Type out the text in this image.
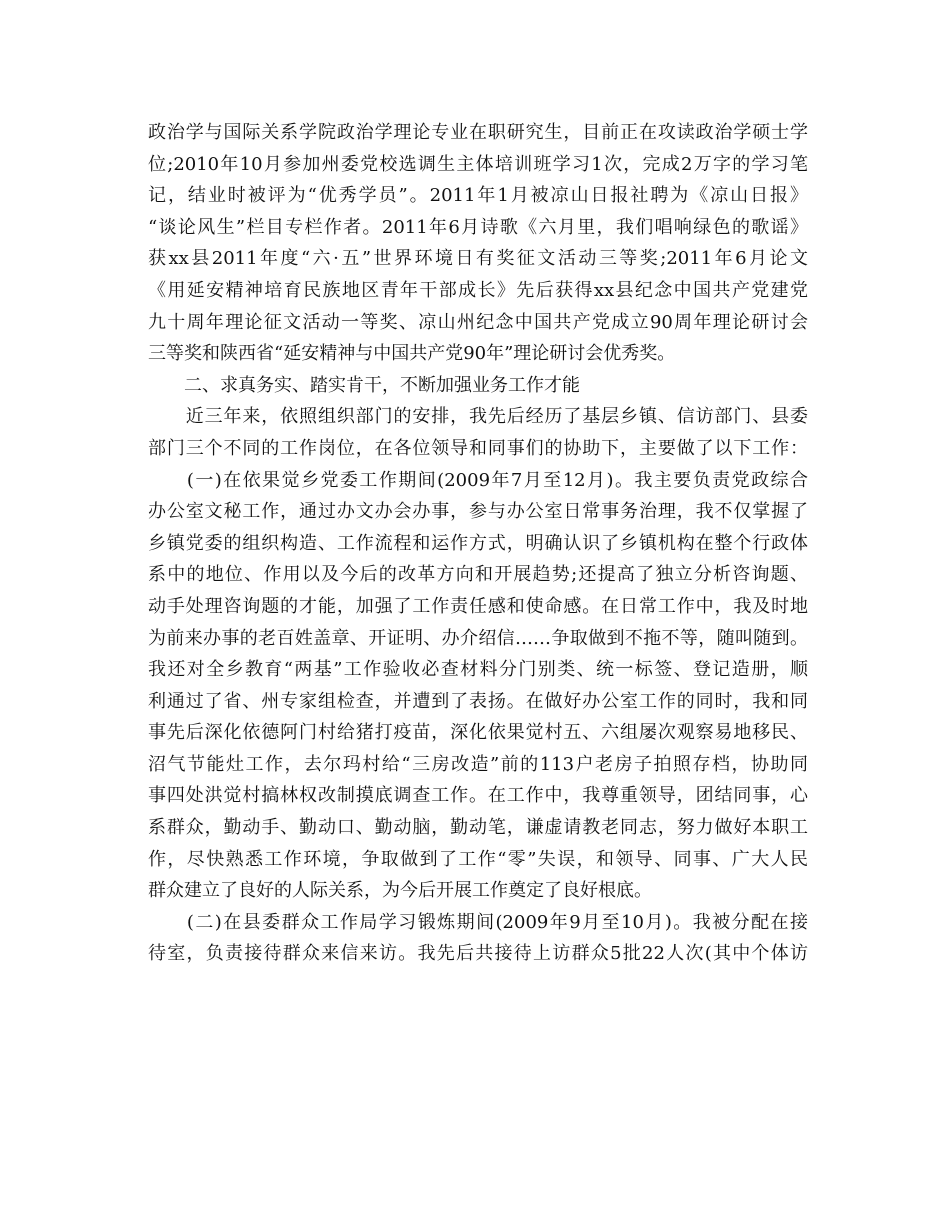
政治学与国际关系学院政治学理论专业在职研究生，目前正在攻读政治学硕士学
位;2010年10月参加州委党校选调生主体培训班学习1次，完成2万字的学习笔
记，结业时被评为“优秀学员”。2011年1月被凉山日报社聘为《凉山日报》
“谈论风生”栏目专栏作者。2011年6月诗歌《六月里，我们唱响绿色的歌谣》
获xx县2011年度“六·五”世界环境日有奖征文活动三等奖;2011年6月论文
《用延安精神培育民族地区青年干部成长》先后获得xx县纪念中国共产党建党
九十周年理论征文活动一等奖、凉山州纪念中国共产党成立90周年理论研讨会
三等奖和陕西省“延安精神与中国共产党90年”理论研讨会优秀奖。
　　二、求真务实、踏实肯干，不断加强业务工作才能
　　近三年来，依照组织部门的安排，我先后经历了基层乡镇、信访部门、县委
部门三个不同的工作岗位，在各位领导和同事们的协助下，主要做了以下工作：
　　(一)在依果觉乡党委工作期间(2009年7月至12月)。我主要负责党政综合
办公室文秘工作，通过办文办会办事，参与办公室日常事务治理，我不仅掌握了
乡镇党委的组织构造、工作流程和运作方式，明确认识了乡镇机构在整个行政体
系中的地位、作用以及今后的改革方向和开展趋势;还提高了独立分析咨询题、
动手处理咨询题的才能，加强了工作责任感和使命感。在日常工作中，我及时地
为前来办事的老百姓盖章、开证明、办介绍信……争取做到不拖不等，随叫随到。
我还对全乡教育“两基”工作验收必查材料分门别类、统一标签、登记造册，顺
利通过了省、州专家组检查，并遭到了表扬。在做好办公室工作的同时，我和同
事先后深化依德阿门村给猪打疫苗，深化依果觉村五、六组屡次观察易地移民、
沼气节能灶工作，去尔玛村给“三房改造”前的113户老房子拍照存档，协助同
事四处洪觉村搞林权改制摸底调查工作。在工作中，我尊重领导，团结同事，心
系群众，勤动手、勤动口、勤动脑，勤动笔，谦虚请教老同志，努力做好本职工
作，尽快熟悉工作环境，争取做到了工作“零”失误，和领导、同事、广大人民
群众建立了良好的人际关系，为今后开展工作奠定了良好根底。
　　(二)在县委群众工作局学习锻炼期间(2009年9月至10月)。我被分配在接
待室，负责接待群众来信来访。我先后共接待上访群众5批22人次(其中个体访
